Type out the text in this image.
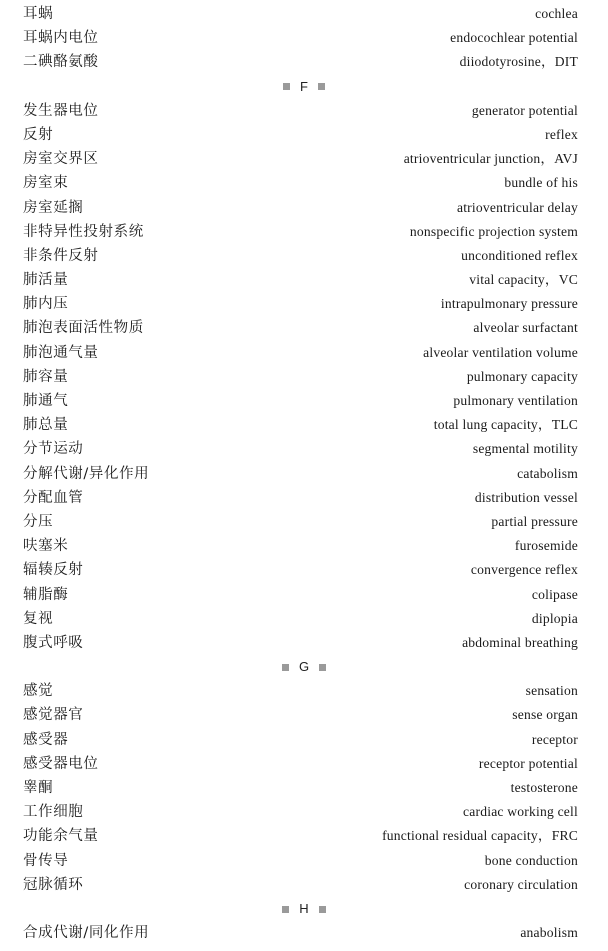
耳蜗	cochlea
耳蜗内电位	endocochlear potential
二碘酪氨酸	diiodotyrosine，DIT
F
发生器电位	generator potential
反射	reflex
房室交界区	atrioventricular junction，AVJ
房室束	bundle of his
房室延搁	atrioventricular delay
非特异性投射系统	nonspecific projection system
非条件反射	unconditioned reflex
肺活量	vital capacity，VC
肺内压	intrapulmonary pressure
肺泡表面活性物质	alveolar surfactant
肺泡通气量	alveolar ventilation volume
肺容量	pulmonary capacity
肺通气	pulmonary ventilation
肺总量	total lung capacity，TLC
分节运动	segmental motility
分解代谢/异化作用	catabolism
分配血管	distribution vessel
分压	partial pressure
呋塞米	furosemide
辐辏反射	convergence reflex
辅脂酶	colipase
复视	diplopia
腹式呼吸	abdominal breathing
G
感觉	sensation
感觉器官	sense organ
感受器	receptor
感受器电位	receptor potential
睾酮	testosterone
工作细胞	cardiac working cell
功能余气量	functional residual capacity，FRC
骨传导	bone conduction
冠脉循环	coronary circulation
H
合成代谢/同化作用	anabolism
